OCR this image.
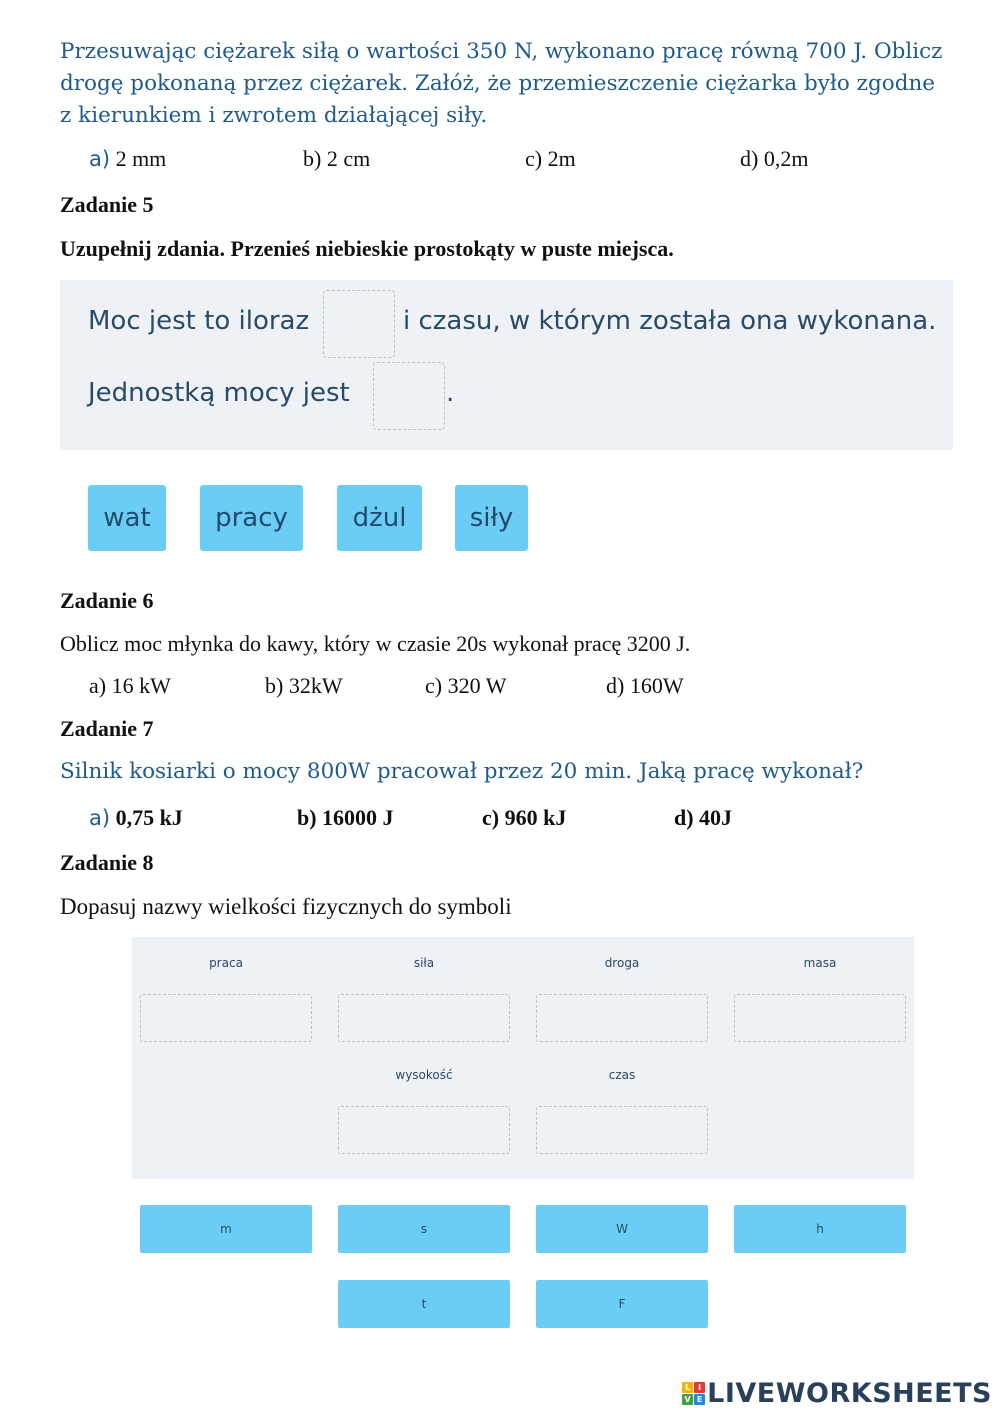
Przesuwając ciężarek siłą o wartości 350 N, wykonano pracę równą 700 J. Oblicz
drogę pokonaną przez ciężarek. Załóż, że przemieszczenie ciężarka było zgodne
z kierunkiem i zwrotem działającej siły.
a) 2 mm	b) 2 cm	c) 2m	d) 0,2m
Zadanie 5
Uzupełnij zdania. Przenieś niebieskie prostokąty w puste miejsca.
Moc jest to iloraz	i czasu, w którym została ona wykonana.
Jednostką mocy jest	.
wat	pracy	dżul	siły
Zadanie 6
Oblicz moc młynka do kawy, który w czasie 20s wykonał pracę 3200 J.
a) 16 kW	b) 32kW	c) 320 W	d) 160W
Zadanie 7
Silnik kosiarki o mocy 800W pracował przez 20 min. Jaką pracę wykonał?
a) 0,75 kJ	b) 16000 J	c) 960 kJ	d) 40J
Zadanie 8
Dopasuj nazwy wielkości fizycznych do symboli
praca	siła	droga	masa
wysokość	czas
m	s	W	h
t	F
L I
V E LIVEWORKSHEETS
